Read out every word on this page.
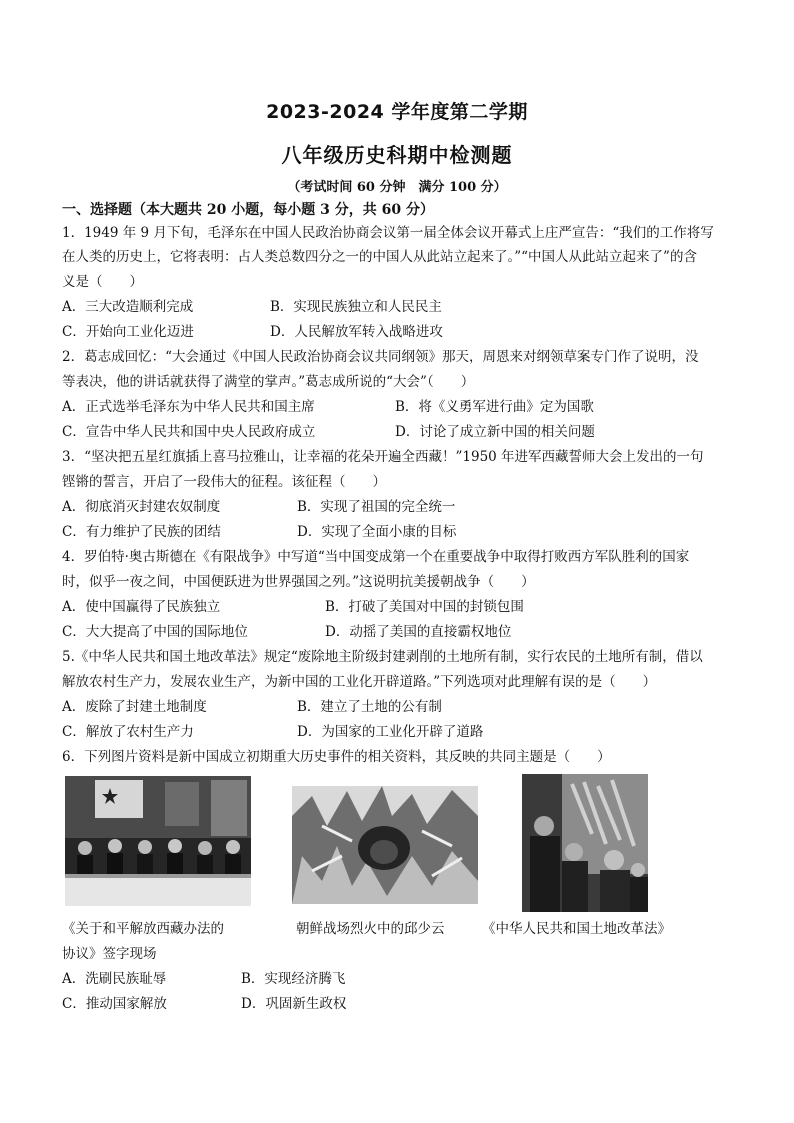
2023-2024 学年度第二学期
八年级历史科期中检测题
（考试时间 60 分钟　满分 100 分）
一、选择题（本大题共 20 小题，每小题 3 分，共 60 分）
1．1949 年 9 月下旬，毛泽东在中国人民政治协商会议第一届全体会议开幕式上庄严宣告：“我们的工作将写
在人类的历史上，它将表明：占人类总数四分之一的中国人从此站立起来了。”“中国人从此站立起来了”的含
义是（　　）
A．三大改造顺利完成	B．实现民族独立和人民民主
C．开始向工业化迈进	D．人民解放军转入战略进攻
2．葛志成回忆：“大会通过《中国人民政治协商会议共同纲领》那天，周恩来对纲领草案专门作了说明，没
等表决，他的讲话就获得了满堂的掌声。”葛志成所说的“大会”（　　）
A．正式选举毛泽东为中华人民共和国主席	B．将《义勇军进行曲》定为国歌
C．宣告中华人民共和国中央人民政府成立	D．讨论了成立新中国的相关问题
3．“坚决把五星红旗插上喜马拉雅山，让幸福的花朵开遍全西藏！”1950 年进军西藏誓师大会上发出的一句
铿锵的誓言，开启了一段伟大的征程。该征程（　　）
A．彻底消灭封建农奴制度	B．实现了祖国的完全统一
C．有力维护了民族的团结	D．实现了全面小康的目标
4．罗伯特·奥古斯德在《有限战争》中写道“当中国变成第一个在重要战争中取得打败西方军队胜利的国家
时，似乎一夜之间，中国便跃进为世界强国之列。”这说明抗美援朝战争（　　）
A．使中国赢得了民族独立	B．打破了美国对中国的封锁包围
C．大大提高了中国的国际地位	D．动摇了美国的直接霸权地位
5.《中华人民共和国土地改革法》规定“废除地主阶级封建剥削的土地所有制，实行农民的土地所有制，借以
解放农村生产力，发展农业生产，为新中国的工业化开辟道路。”下列选项对此理解有误的是（　　）
A．废除了封建土地制度	B．建立了土地的公有制
C．解放了农村生产力	D．为国家的工业化开辟了道路
6．下列图片资料是新中国成立初期重大历史事件的相关资料，其反映的共同主题是（　　）
《关于和平解放西藏办法的
协议》签字现场
朝鲜战场烈火中的邱少云	《中华人民共和国土地改革法》
A．洗刷民族耻辱	B．实现经济腾飞
C．推动国家解放	D．巩固新生政权
